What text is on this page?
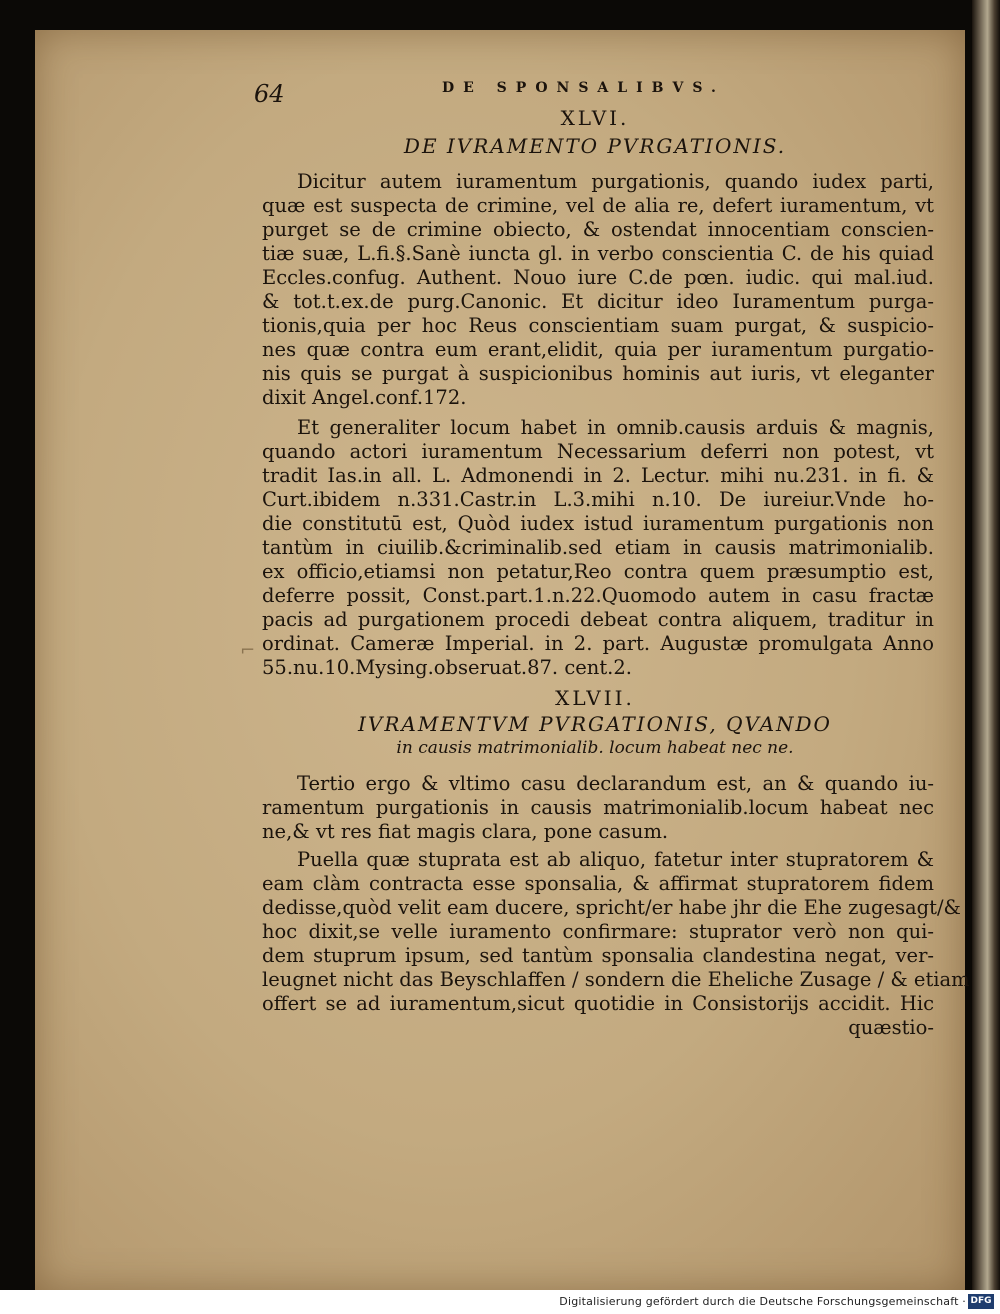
64	DE SPONSALIBVS.
XLVI.
DE IVRAMENTO PVRGATIONIS.
Dicitur autem iuramentum purgationis, quando iudex parti,
quæ est suspecta de crimine, vel de alia re, defert iuramentum, vt
purget se de crimine obiecto, & ostendat innocentiam conscien-
tiæ suæ, L.fi.§.Sanè iuncta gl. in verbo conscientia C. de his quiad
Eccles.confug. Authent. Nouo iure C.de pœn. iudic. qui mal.iud.
& tot.t.ex.de purg.Canonic. Et dicitur ideo Iuramentum purga-
tionis,quia per hoc Reus conscientiam suam purgat, & suspicio-
nes quæ contra eum erant,elidit, quia per iuramentum purgatio-
nis quis se purgat à suspicionibus hominis aut iuris, vt eleganter
dixit Angel.conf.172.
Et generaliter locum habet in omnib.causis arduis & magnis,
quando actori iuramentum Necessarium deferri non potest, vt
tradit Ias.in all. L. Admonendi in 2. Lectur. mihi nu.231. in fi. &
Curt.ibidem n.331.Castr.in L.3.mihi n.10. De iureiur.Vnde ho-
die constitutū est, Quòd iudex istud iuramentum purgationis non
tantùm in ciuilib.&criminalib.sed etiam in causis matrimonialib.
ex officio,etiamsi non petatur,Reo contra quem præsumptio est,
deferre possit, Const.part.1.n.22.Quomodo autem in casu fractæ
pacis ad purgationem procedi debeat contra aliquem, traditur in
ordinat. Cameræ Imperial. in 2. part. Augustæ promulgata Anno
55.nu.10.Mysing.obseruat.87. cent.2.
⌐
XLVII.
IVRAMENTVM PVRGATIONIS, QVANDO
in causis matrimonialib. locum habeat nec ne.
Tertio ergo & vltimo casu declarandum est, an & quando iu-
ramentum purgationis in causis matrimonialib.locum habeat nec
ne,& vt res fiat magis clara, pone casum.
Puella quæ stuprata est ab aliquo, fatetur inter stupratorem &
eam clàm contracta esse sponsalia, & affirmat stupratorem fidem
dedisse,quòd velit eam ducere, spricht/er habe jhr die Ehe zugesagt/&
hoc dixit,se velle iuramento confirmare: stuprator verò non qui-
dem stuprum ipsum, sed tantùm sponsalia clandestina negat, ver-
leugnet nicht das Beyschlaffen / sondern die Eheliche Zusage / & etiam
offert se ad iuramentum,sicut quotidie in Consistorijs accidit. Hic
quæstio-
Digitalisierung gefördert durch die Deutsche Forschungsgemeinschaft · DFG
